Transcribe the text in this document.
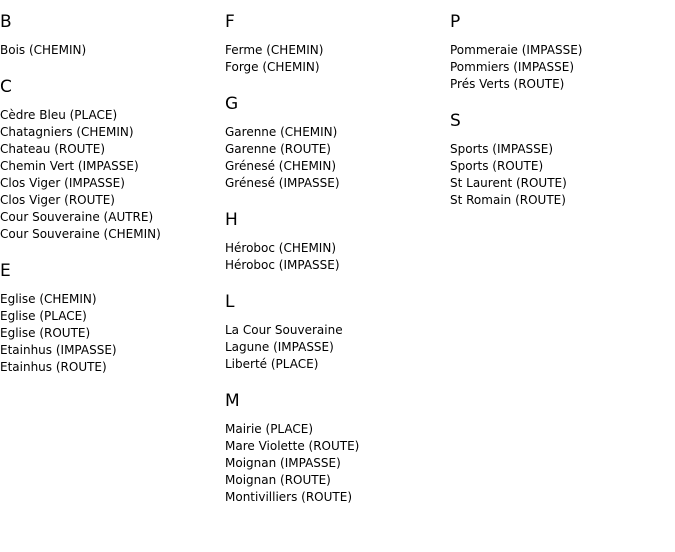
B
Bois (CHEMIN)
C
Cèdre Bleu (PLACE)
Chatagniers (CHEMIN)
Chateau (ROUTE)
Chemin Vert (IMPASSE)
Clos Viger (IMPASSE)
Clos Viger (ROUTE)
Cour Souveraine (AUTRE)
Cour Souveraine (CHEMIN)
E
Eglise (CHEMIN)
Eglise (PLACE)
Eglise (ROUTE)
Etainhus (IMPASSE)
Etainhus (ROUTE)
F
Ferme (CHEMIN)
Forge (CHEMIN)
G
Garenne (CHEMIN)
Garenne (ROUTE)
Grénesé (CHEMIN)
Grénesé (IMPASSE)
H
Héroboc (CHEMIN)
Héroboc (IMPASSE)
L
La Cour Souveraine
Lagune (IMPASSE)
Liberté (PLACE)
M
Mairie (PLACE)
Mare Violette (ROUTE)
Moignan (IMPASSE)
Moignan (ROUTE)
Montivilliers (ROUTE)
P
Pommeraie (IMPASSE)
Pommiers (IMPASSE)
Prés Verts (ROUTE)
S
Sports (IMPASSE)
Sports (ROUTE)
St Laurent (ROUTE)
St Romain (ROUTE)
